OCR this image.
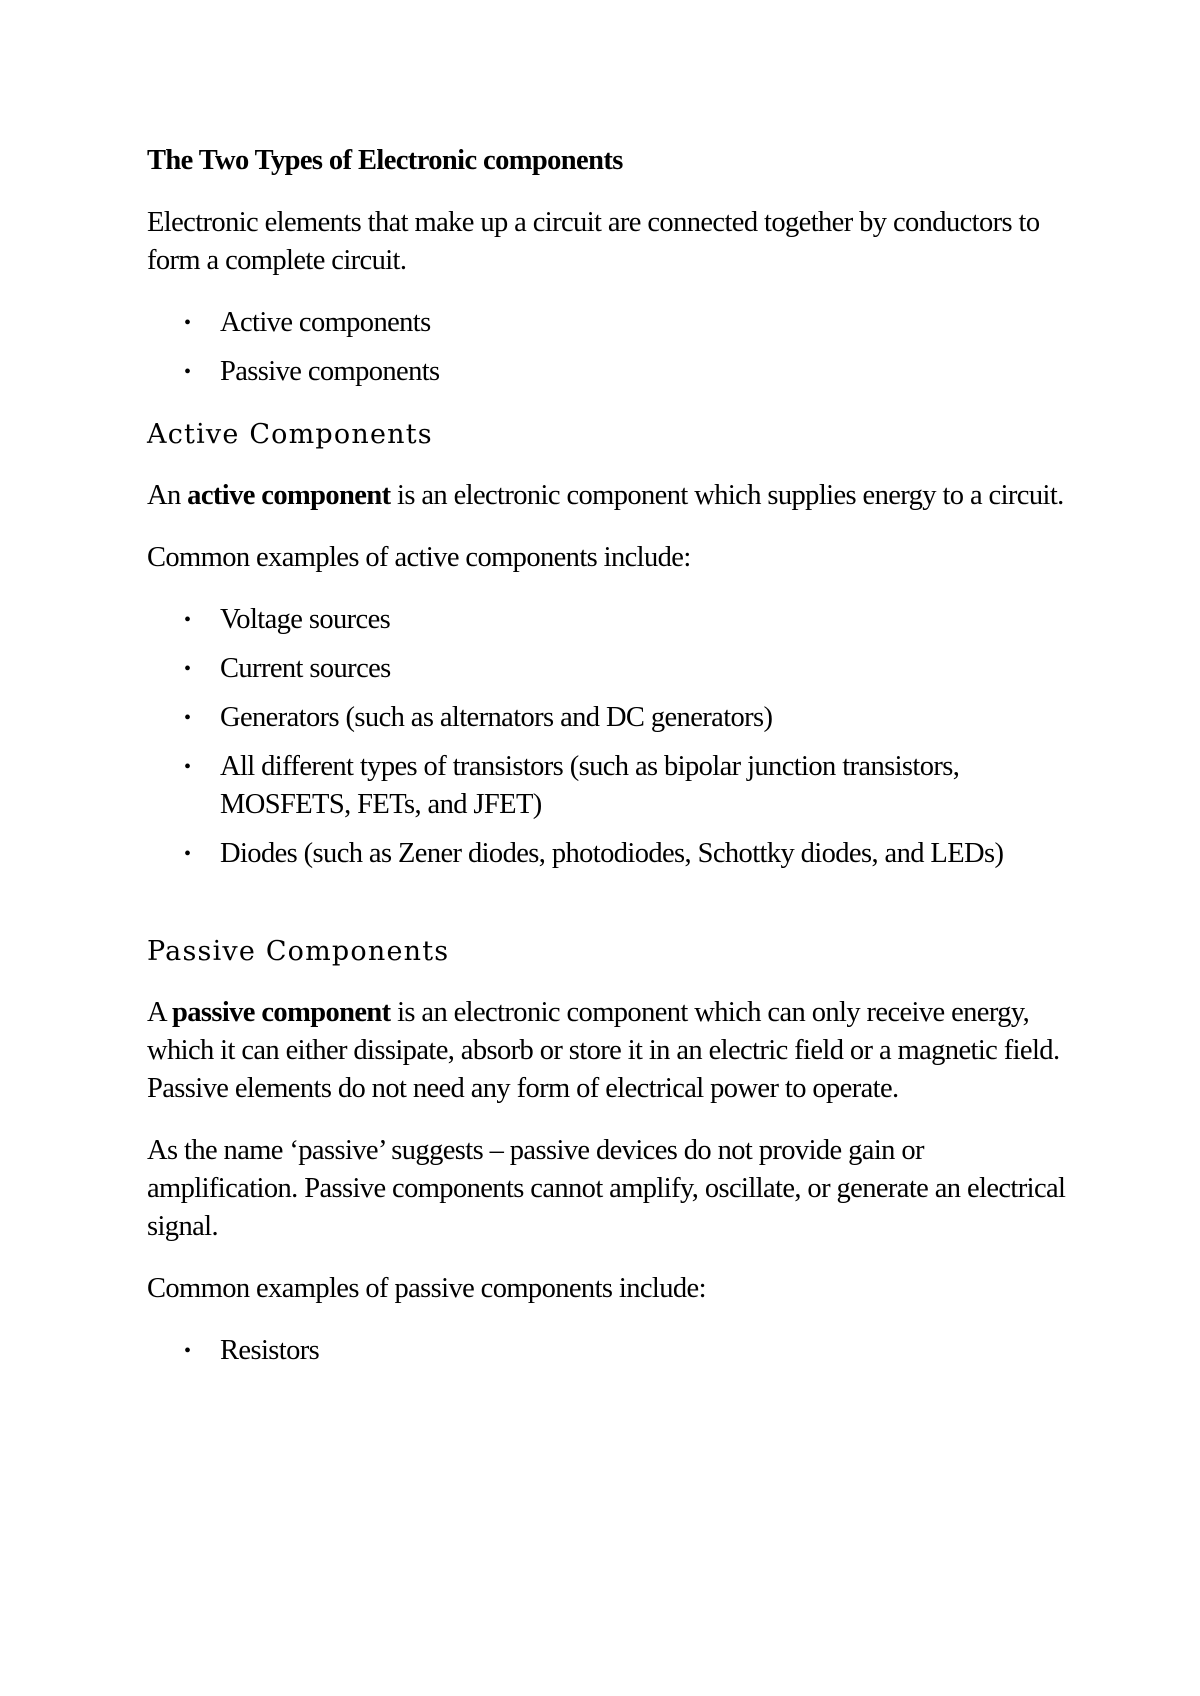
The Two Types of Electronic components

Electronic elements that make up a circuit are connected together by conductors to form a complete circuit.

• Active components
• Passive components
Active Components

An active component is an electronic component which supplies energy to a circuit.

Common examples of active components include:

• Voltage sources
• Current sources
• Generators (such as alternators and DC generators)
• All different types of transistors (such as bipolar junction transistors, MOSFETS, FETs, and JFET)
• Diodes (such as Zener diodes, photodiodes, Schottky diodes, and LEDs)
Passive Components

A passive component is an electronic component which can only receive energy, which it can either dissipate, absorb or store it in an electric field or a magnetic field. Passive elements do not need any form of electrical power to operate.

As the name ‘passive’ suggests – passive devices do not provide gain or amplification. Passive components cannot amplify, oscillate, or generate an electrical signal.

Common examples of passive components include:

• Resistors
